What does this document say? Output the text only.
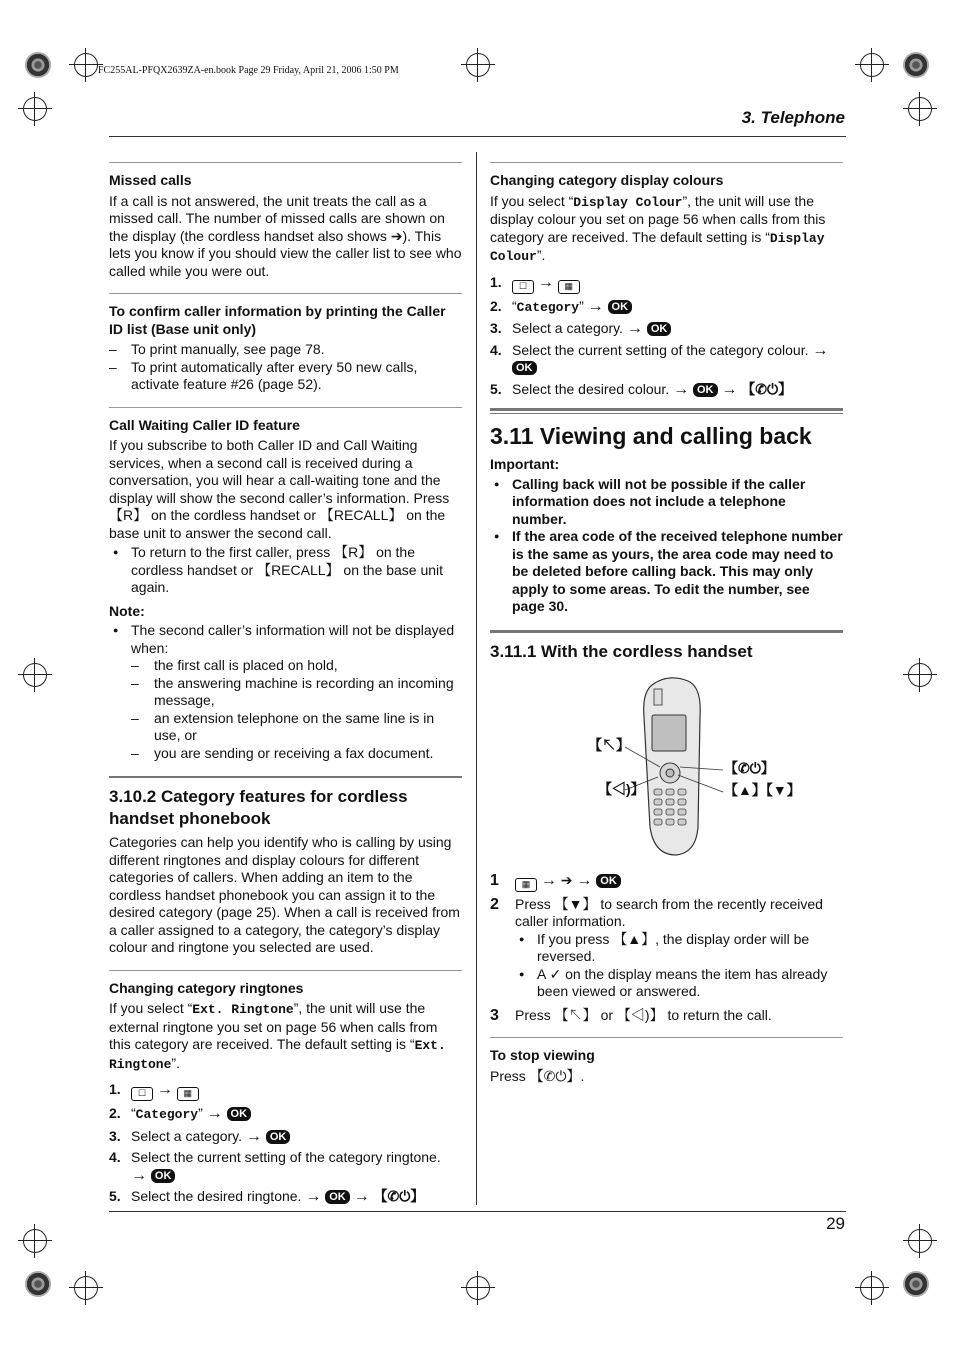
FC255AL-PFQX2639ZA-en.book Page 29 Friday, April 21, 2006 1:50 PM
3. Telephone
29
Missed calls

If a call is not answered, the unit treats the call as a missed call. The number of missed calls are shown on the display (the cordless handset also shows ➔). This lets you know if you should view the caller list to see who called while you were out.

To confirm caller information by printing the Caller ID list (Base unit only)

– To print manually, see page 78.

– To print automatically after every 50 new calls, activate feature #26 (page 52).

Call Waiting Caller ID feature

If you subscribe to both Caller ID and Call Waiting services, when a second call is received during a conversation, you will hear a call-waiting tone and the display will show the second caller’s information. Press 【R】 on the cordless handset or 【RECALL】 on the base unit to answer the second call.

● To return to the first caller, press 【R】 on the cordless handset or 【RECALL】 on the base unit again.

Note:

● The second caller’s information will not be displayed when:

– the first call is placed on hold,

– the answering machine is recording an incoming message,

– an extension telephone on the same line is in use, or

– you are sending or receiving a fax document.

3.10.2 Category features for cordless handset phonebook

Categories can help you identify who is calling by using different ringtones and display colours for different categories of callers. When adding an item to the cordless handset phonebook you can assign it to the desired category (page 25). When a call is received from a caller assigned to a category, the category’s display colour and ringtone you selected are used.

Changing category ringtones

If you select “Ext. Ringtone”, the unit will use the external ringtone you set on page 56 when calls from this category are received. The default setting is “Ext. Ringtone”.

1. ☐ → ▦

2. “Category” → OK

3. Select a category. → OK

4. Select the current setting of the category ringtone.
→ OK

5. Select the desired ringtone. → OK → 【✆⏻】

Changing category display colours

If you select “Display Colour”, the unit will use the display colour you set on page 56 when calls from this category are received. The default setting is “Display Colour”.

1. ☐ → ▦

2. “Category” → OK

3. Select a category. → OK

4. Select the current setting of the category colour. →
OK

5. Select the desired colour. → OK → 【✆⏻】

3.11 Viewing and calling back

Important:

● Calling back will not be possible if the caller information does not include a telephone number.

● If the area code of the received telephone number is the same as yours, the area code may need to be deleted before calling back. This may only apply to some areas. To edit the number, see page 30.

3.11.1 With the cordless handset
【↖】
【◁)】
【✆⏻】
【▲】【▼】

1	▦ → ➔ → OK

2 Press 【▼】 to search from the recently received caller information.

● If you press 【▲】, the display order will be reversed.

● A ✓ on the display means the item has already been viewed or answered.

3 Press 【↖】 or 【◁)】 to return the call.

To stop viewing

Press 【✆⏻】.
